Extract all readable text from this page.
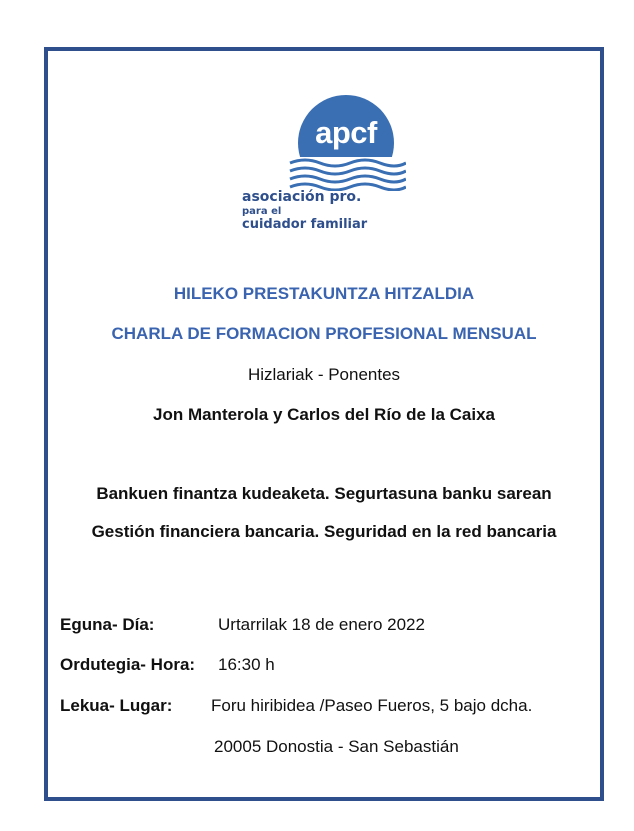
apcf
asociación pro.
para el
cuidador familiar
HILEKO PRESTAKUNTZA HITZALDIA
CHARLA DE FORMACION PROFESIONAL MENSUAL
Hizlariak - Ponentes
Jon Manterola y Carlos del Río de la Caixa
Bankuen finantza kudeaketa. Segurtasuna banku sarean
Gestión financiera bancaria. Seguridad en la red bancaria
Eguna- Día:	Urtarrilak 18 de enero 2022
Ordutegia- Hora: 16:30 h
Lekua- Lugar: Foru hiribidea /Paseo Fueros, 5 bajo dcha.
20005 Donostia - San Sebastián
